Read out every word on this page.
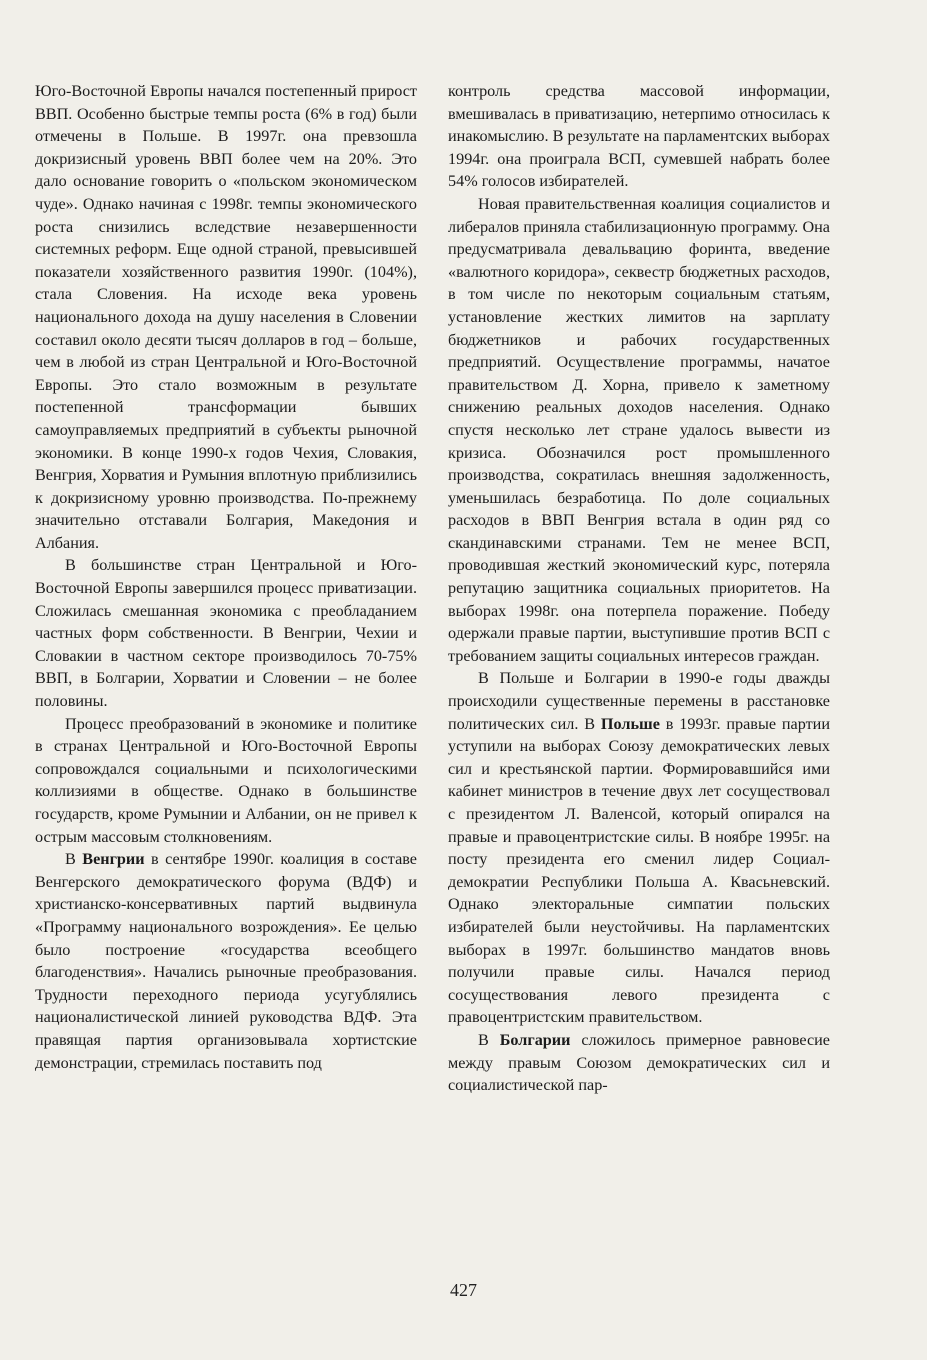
Юго-Восточной Европы начался постепенный прирост ВВП. Особенно быстрые темпы роста (6% в год) были отмечены в Польше. В 1997г. она превзошла докризисный уровень ВВП более чем на 20%. Это дало основание говорить о «польском экономическом чуде». Однако начиная с 1998г. темпы экономического роста снизились вследствие незавершенности системных реформ. Еще одной страной, превысившей показатели хозяйственного развития 1990г. (104%), стала Словения. На исходе века уровень национального дохода на душу населения в Словении составил около десяти тысяч долларов в год – больше, чем в любой из стран Центральной и Юго-Восточной Европы. Это стало возможным в результате постепенной трансформации бывших самоуправляемых предприятий в субъекты рыночной экономики. В конце 1990-х годов Чехия, Словакия, Венгрия, Хорватия и Румыния вплотную приблизились к докризисному уровню производства. По-прежнему значительно отставали Болгария, Македония и Албания.

В большинстве стран Центральной и Юго-Восточной Европы завершился процесс приватизации. Сложилась смешанная экономика с преобладанием частных форм собственности. В Венгрии, Чехии и Словакии в частном секторе производилось 70-75% ВВП, в Болгарии, Хорватии и Словении – не более половины.

Процесс преобразований в экономике и политике в странах Центральной и Юго-Восточной Европы сопровождался социальными и психологическими коллизиями в обществе. Однако в большинстве государств, кроме Румынии и Албании, он не привел к острым массовым столкновениям.

В Венгрии в сентябре 1990г. коалиция в составе Венгерского демократического форума (ВДФ) и христианско-консервативных партий выдвинула «Программу национального возрождения». Ее целью было построение «государства всеобщего благоденствия». Начались рыночные преобразования. Трудности переходного периода усугублялись националистической линией руководства ВДФ. Эта правящая партия организовывала хортистские демонстрации, стремилась поставить под

контроль средства массовой информации, вмешивалась в приватизацию, нетерпимо относилась к инакомыслию. В результате на парламентских выборах 1994г. она проиграла ВСП, сумевшей набрать более 54% голосов избирателей.

Новая правительственная коалиция социалистов и либералов приняла стабилизационную программу. Она предусматривала девальвацию форинта, введение «валютного коридора», секвестр бюджетных расходов, в том числе по некоторым социальным статьям, установление жестких лимитов на зарплату бюджетников и рабочих государственных предприятий. Осуществление программы, начатое правительством Д. Хорна, привело к заметному снижению реальных доходов населения. Однако спустя несколько лет стране удалось вывести из кризиса. Обозначился рост промышленного производства, сократилась внешняя задолженность, уменьшилась безработица. По доле социальных расходов в ВВП Венгрия встала в один ряд со скандинавскими странами. Тем не менее ВСП, проводившая жесткий экономический курс, потеряла репутацию защитника социальных приоритетов. На выборах 1998г. она потерпела поражение. Победу одержали правые партии, выступившие против ВСП с требованием защиты социальных интересов граждан.

В Польше и Болгарии в 1990-е годы дважды происходили существенные перемены в расстановке политических сил. В Польше в 1993г. правые партии уступили на выборах Союзу демократических левых сил и крестьянской партии. Формировавшийся ими кабинет министров в течение двух лет сосуществовал с президентом Л. Валенсой, который опирался на правые и правоцентристские силы. В ноябре 1995г. на посту президента его сменил лидер Социал-демократии Республики Польша А. Квасьневский. Однако электоральные симпатии польских избирателей были неустойчивы. На парламентских выборах в 1997г. большинство мандатов вновь получили правые силы. Начался период сосуществования левого президента с правоцентристским правительством.

В Болгарии сложилось примерное равновесие между правым Союзом демократических сил и социалистической пар-

427
